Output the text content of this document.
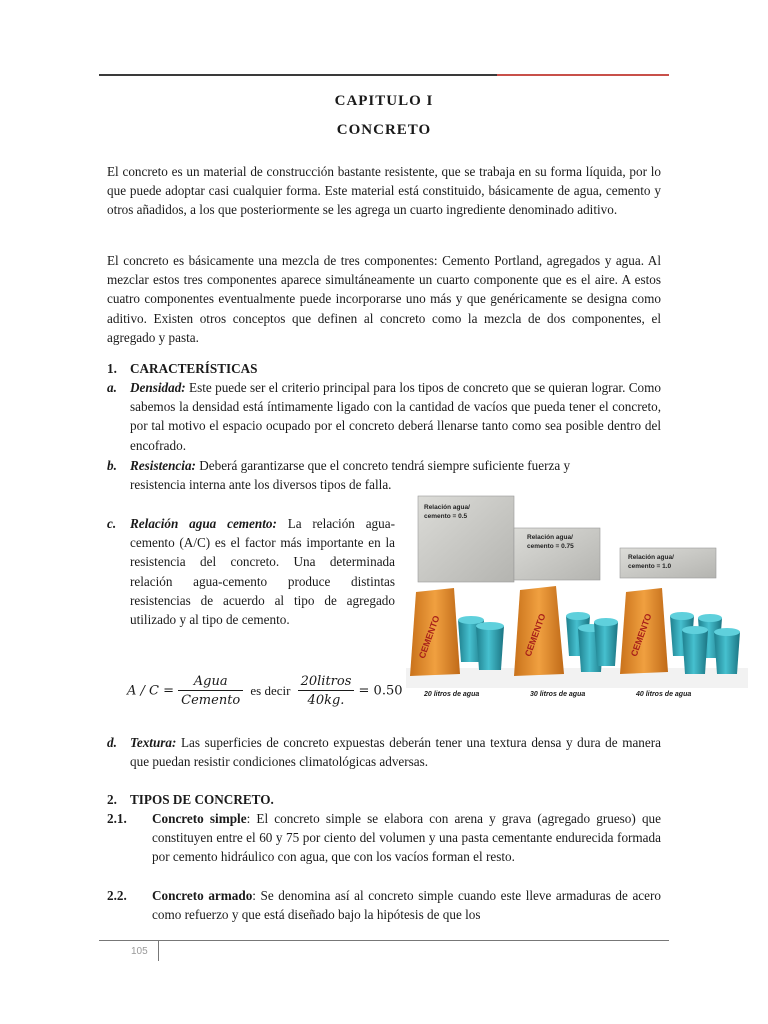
CAPITULO I
CONCRETO
El concreto es un material de construcción bastante resistente, que se trabaja en su forma líquida, por lo que puede adoptar casi cualquier forma. Este material está constituido, básicamente de agua, cemento y otros añadidos, a los que posteriormente se les agrega un cuarto ingrediente denominado aditivo.
El concreto es básicamente una mezcla de tres componentes: Cemento Portland, agregados y agua. Al mezclar estos tres componentes aparece simultáneamente un cuarto componente que es el aire. A estos cuatro componentes eventualmente puede incorporarse uno más y que genéricamente se designa como aditivo. Existen otros conceptos que definen al concreto como la mezcla de dos componentes, el agregado y pasta.
1. CARACTERÍSTICAS
a. Densidad: Este puede ser el criterio principal para los tipos de concreto que se quieran lograr. Como sabemos la densidad está íntimamente ligado con la cantidad de vacíos que pueda tener el concreto, por tal motivo el espacio ocupado por el concreto deberá llenarse tanto como sea posible dentro del encofrado.
b. Resistencia: Deberá garantizarse que el concreto tendrá siempre suficiente fuerza y
resistencia interna ante los diversos tipos de falla.
c. Relación agua cemento: La relación agua-cemento (A/C) es el factor más importante en la resistencia del concreto. Una determinada relación agua-cemento produce distintas resistencias de acuerdo al tipo de agregado utilizado y al tipo de cemento.
$A / C = \frac{\text{Agua}}{\text{Cemento}}$ es decir $\frac{\text{20litros}}{40kg.} = 0.50$
Relación agua/
cemento = 0.5
Relación agua/
cemento = 0.75
Relación agua/
cemento = 1.0
CEMENTO	CEMENTO	CEMENTO
20 litros de agua	30 litros de agua	40 litros de agua
d. Textura: Las superficies de concreto expuestas deberán tener una textura densa y dura de manera que puedan resistir condiciones climatológicas adversas.
2. TIPOS DE CONCRETO.
2.1. Concreto simple: El concreto simple se elabora con arena y grava (agregado grueso) que constituyen entre el 60 y 75 por ciento del volumen y una pasta cementante endurecida formada por cemento hidráulico con agua, que con los vacíos forman el resto.
2.2. Concreto armado: Se denomina así al concreto simple cuando este lleve armaduras de acero como refuerzo y que está diseñado bajo la hipótesis de que los
105
